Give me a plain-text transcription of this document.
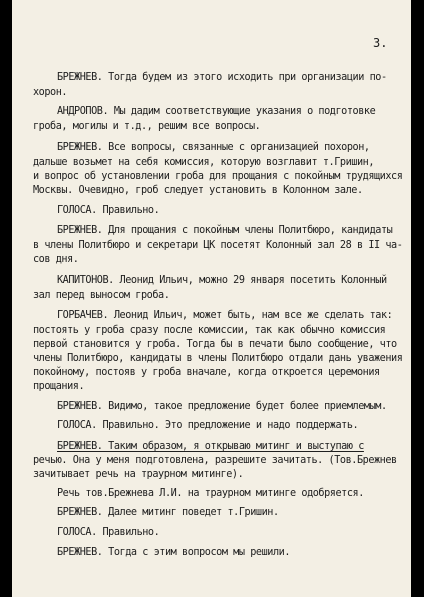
3.
БРЕЖНЕВ. Тогда будем из этого исходить при организации по-
хорон.
АНДРОПОВ. Мы дадим соответствующие указания о подготовке
гроба, могилы и т.д., решим все вопросы.
БРЕЖНЕВ. Все вопросы, связанные с организацией похорон,
дальше возьмет на себя комиссия, которую возглавит т.Гришин,
и вопрос об установлении гроба для прощания с покойным трудящихся
Москвы. Очевидно, гроб следует установить в Колонном зале.
ГОЛОСА. Правильно.
БРЕЖНЕВ. Для прощания с покойным члены Политбюро, кандидаты
в члены Политбюро и секретари ЦК посетят Колонный зал 28 в II ча-
сов дня.
КАПИТОНОВ. Леонид Ильич, можно 29 января посетить Колонный
зал перед выносом гроба.
ГОРБАЧЕВ. Леонид Ильич, может быть, нам все же сделать так:
постоять у гроба сразу после комиссии, так как обычно комиссия
первой становится у гроба. Тогда бы в печати было сообщение, что
члены Политбюро, кандидаты в члены Политбюро отдали дань уважения
покойному, постояв у гроба вначале, когда откроется церемония
прощания.
БРЕЖНЕВ. Видимо, такое предложение будет более приемлемым.
ГОЛОСА. Правильно. Это предложение и надо поддержать.
БРЕЖНЕВ. Таким образом, я открываю митинг и выступаю с
речью. Она у меня подготовлена, разрешите зачитать. (Тов.Брежнев
зачитывает речь на траурном митинге).
Речь тов.Брежнева Л.И. на траурном митинге одобряется.
БРЕЖНЕВ. Далее митинг поведет т.Гришин.
ГОЛОСА. Правильно.
БРЕЖНЕВ. Тогда с этим вопросом мы решили.
